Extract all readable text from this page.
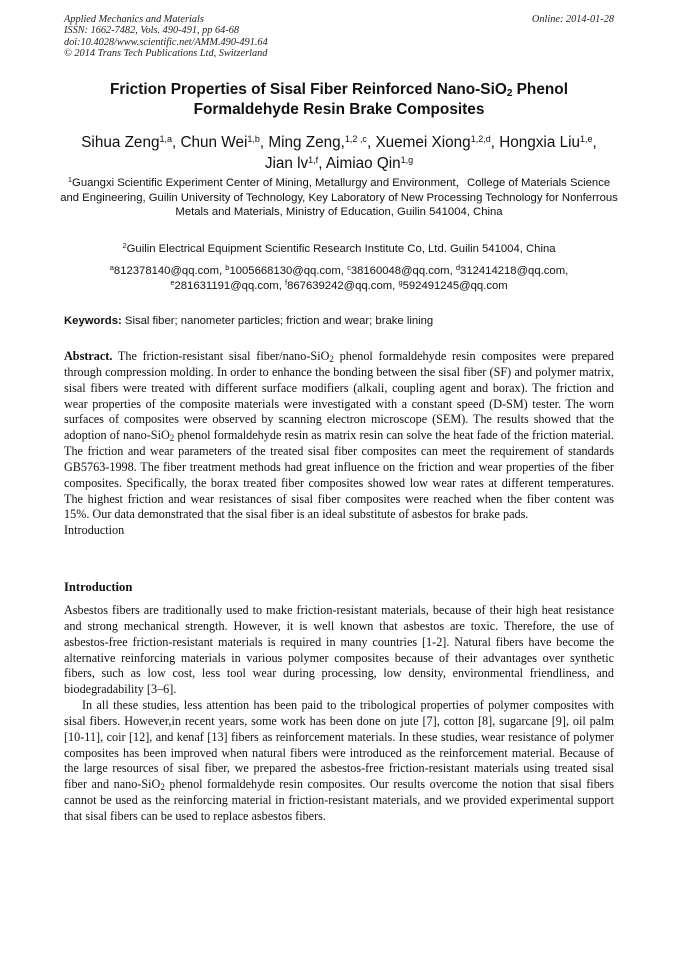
Applied Mechanics and Materials
ISSN: 1662-7482, Vols. 490-491, pp 64-68
doi:10.4028/www.scientific.net/AMM.490-491.64
© 2014 Trans Tech Publications Ltd, Switzerland
Online: 2014-01-28
Friction Properties of Sisal Fiber Reinforced Nano-SiO$_2$ Phenol
Formaldehyde Resin Brake Composites
Sihua Zeng$^{1,a}$, Chun Wei$^{1,b}$, Ming Zeng,$^{1,2 ,c}$, Xuemei Xiong$^{1,2,d}$, Hongxia Liu$^{1,e}$,
Jian lv$^{1,f}$, Aimiao Qin$^{1,g}$
$^1$Guangxi Scientific Experiment Center of Mining, Metallurgy and Environment，College of Materials Science and Engineering, Guilin University of Technology, Key Laboratory of New Processing Technology for Nonferrous Metals and Materials, Ministry of Education, Guilin 541004, China
$^2$Guilin Electrical Equipment Scientific Research Institute Co, Ltd. Guilin 541004, China
$^a$812378140@qq.com, $^b$1005668130@qq.com, $^c$38160048@qq.com, $^d$312414218@qq.com,
$^e$281631191@qq.com, $^f$867639242@qq.com, $^g$592491245@qq.com
Keywords: Sisal fiber; nanometer particles; friction and wear; brake lining

Abstract. The friction-resistant sisal fiber/nano-SiO$_2$ phenol formaldehyde resin composites were prepared through compression molding. In order to enhance the bonding between the sisal fiber (SF) and polymer matrix, sisal fibers were treated with different surface modifiers (alkali, coupling agent and borax). The friction and wear properties of the composite materials were investigated with a constant speed (D-SM) tester. The worn surfaces of composites were observed by scanning electron microscope (SEM). The results showed that the adoption of nano-SiO$_2$ phenol formaldehyde resin as matrix resin can solve the heat fade of the friction material. The friction and wear parameters of the treated sisal fiber composites can meet the requirement of standards GB5763-1998. The fiber treatment methods had great influence on the friction and wear properties of the fiber composites. Specifically, the borax treated fiber composites showed low wear rates at different temperatures. The highest friction and wear resistances of sisal fiber composites were reached when the fiber content was 15%. Our data demonstrated that the sisal fiber is an ideal substitute of asbestos for brake pads.

Introduction

Introduction

Asbestos fibers are traditionally used to make friction-resistant materials, because of their high heat resistance and strong mechanical strength. However, it is well known that asbestos are toxic. Therefore, the use of asbestos-free friction-resistant materials is required in many countries [1-2]. Natural fibers have become the alternative reinforcing materials in various polymer composites because of their advantages over synthetic fibers, such as low cost, less tool wear during processing, low density, environmental friendliness, and biodegradability [3–6].

In all these studies, less attention has been paid to the tribological properties of polymer composites with sisal fibers. However,in recent years, some work has been done on jute [7], cotton [8], sugarcane [9], oil palm [10-11], coir [12], and kenaf [13] fibers as reinforcement materials. In these studies, wear resistance of polymer composites has been improved when natural fibers were introduced as the reinforcement material. Because of the large resources of sisal fiber, we prepared the asbestos-free friction-resistant materials using treated sisal fiber and nano-SiO$_2$ phenol formaldehyde resin composites. Our results overcome the notion that sisal fibers cannot be used as the reinforcing material in friction-resistant materials, and we provided experimental support that sisal fibers can be used to replace asbestos fibers.
